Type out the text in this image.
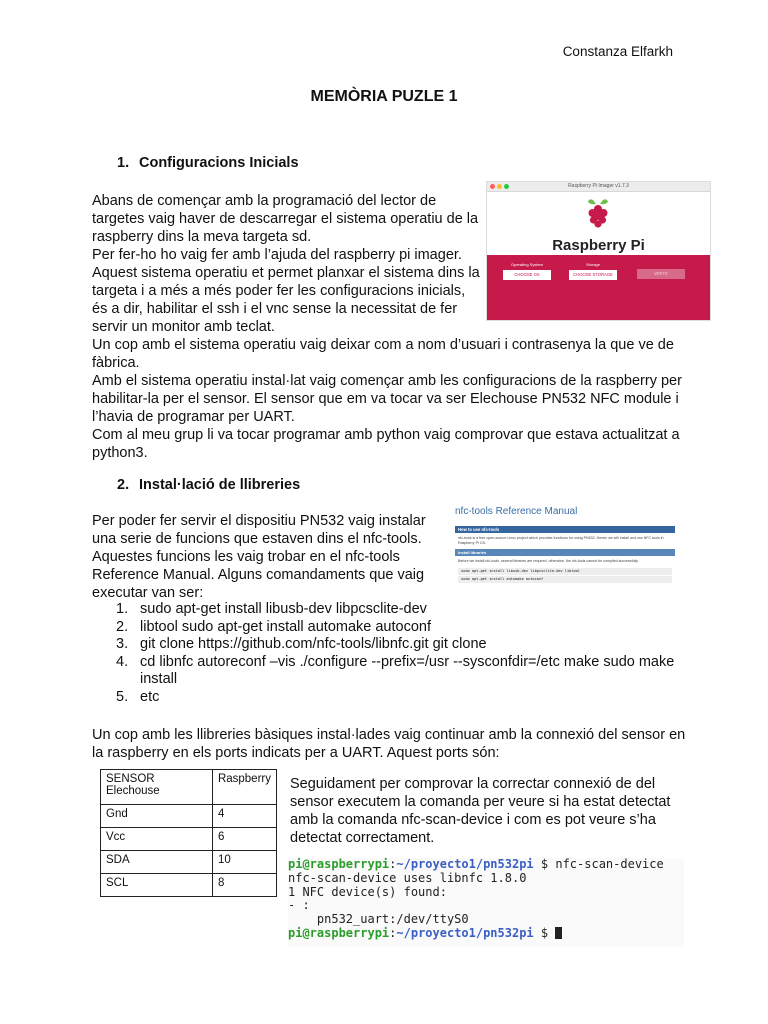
Constanza Elfarkh
MEMÒRIA PUZLE 1
1. Configuracions Inicials
Abans de començar amb la programació del lector de
targetes vaig haver de descarregar el sistema operatiu de la
raspberry dins la meva targeta sd.
Per fer-ho ho vaig fer amb l’ajuda del raspberry pi imager.
Aquest sistema operatiu et permet planxar el sistema dins la
targeta i a més a més poder fer les configuracions inicials,
és a dir, habilitar el ssh i el vnc sense la necessitat de fer
servir un monitor amb teclat.
Un cop amb el sistema operatiu vaig deixar com a nom d’usuari i contrasenya la que ve de
fàbrica.
Amb el sistema operatiu instal·lat vaig començar amb les configuracions de la raspberry per
habilitar-la per el sensor. El sensor que em va tocar va ser Elechouse PN532 NFC module i
l’havia de programar per UART.
Com al meu grup li va tocar programar amb python vaig comprovar que estava actualitzat a
python3.
Raspberry Pi Imager v1.7.3
Raspberry Pi
Operating System
CHOOSE OS
Storage
CHOOSE STORAGE	WRITE
2. Instal·lació de llibreries
Per poder fer servir el dispositiu PN532 vaig instalar
una serie de funcions que estaven dins el nfc-tools.
Aquestes funcions les vaig trobar en el nfc-tools
Reference Manual. Alguns comandaments que vaig
executar van ser:
1. sudo apt-get install libusb-dev libpcsclite-dev
2. libtool sudo apt-get install automake autoconf
3. git clone https://github.com/nfc-tools/libnfc.git git clone
4. cd libnfc autoreconf –vis ./configure --prefix=/usr --sysconfdir=/etc make sudo make
install
5. etc
nfc-tools Reference Manual
How to use nfc-tools
nfc-tools is a free open-source Linux project which provides functions for using PN532. Herein we will install and use NFC tools in Raspberry Pi OS.
Install libraries
Before we install nfc-tools, several libraries are required, otherwise, the nfc-tools cannot be compiled successfully.
sudo apt-get install libusb-dev libpcsclite-dev libtool
sudo apt-get install automake autoconf
Un cop amb les llibreries bàsiques instal·lades vaig continuar amb la connexió del sensor en
la raspberry en els ports indicats per a UART. Aquest ports són:
SENSOR Elechouse	Raspberry
Gnd	4
Vcc	6
SDA	10
SCL	8
Seguidament per comprovar la correctar connexió de del
sensor executem la comanda per veure si ha estat detectat
amb la comanda nfc-scan-device i com es pot veure s’ha
detectat correctament.
pi@raspberrypi:~/proyecto1/pn532pi $ nfc-scan-device
nfc-scan-device uses libnfc 1.8.0
1 NFC device(s) found:
- :
pn532_uart:/dev/ttyS0
pi@raspberrypi:~/proyecto1/pn532pi $
